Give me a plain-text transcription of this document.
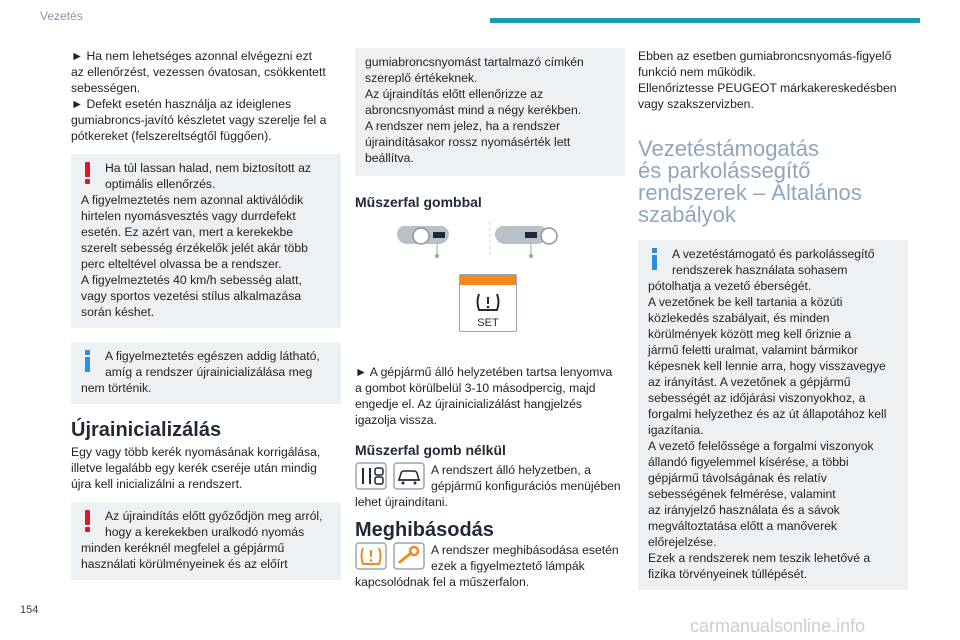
Vezetés
► Ha nem lehetséges azonnal elvégezni ezt
az ellenőrzést, vezessen óvatosan, csökkentett
sebességen.
► Defekt esetén használja az ideiglenes
gumiabroncs-javító készletet vagy szerelje fel a
pótkereket (felszereltségtől függően).
Ha túl lassan halad, nem biztosított az
optimális ellenőrzés.
A figyelmeztetés nem azonnal aktiválódik
hirtelen nyomásvesztés vagy durrdefekt
esetén. Ez azért van, mert a kerekekbe
szerelt sebesség érzékelők jelét akár több
perc elteltével olvassa be a rendszer.
A figyelmeztetés 40 km/h sebesség alatt,
vagy sportos vezetési stílus alkalmazása
során késhet.
A figyelmeztetés egészen addig látható,
amíg a rendszer újrainicializálása meg
nem történik.
Újrainicializálás
Egy vagy több kerék nyomásának korrigálása,
illetve legalább egy kerék cseréje után mindig
újra kell inicializálni a rendszert.
Az újraindítás előtt győződjön meg arról,
hogy a kerekekben uralkodó nyomás
minden keréknél megfelel a gépjármű
használati körülményeinek és az előírt
gumiabroncsnyomást tartalmazó címkén
szereplő értékeknek.
Az újraindítás előtt ellenőrizze az
abroncsnyomást mind a négy kerékben.
A rendszer nem jelez, ha a rendszer
újraindításakor rossz nyomásérték lett
beállítva.
Műszerfal gombbal
SET
► A gépjármű álló helyzetében tartsa lenyomva
a gombot körülbelül 3-10 másodpercig, majd
engedje el. Az újrainicializálást hangjelzés
igazolja vissza.
Műszerfal gomb nélkül
A rendszert álló helyzetben, a
gépjármű konfigurációs menüjében
lehet újraindítani.
Meghibásodás
A rendszer meghibásodása esetén
ezek a figyelmeztető lámpák
kapcsolódnak fel a műszerfalon.
Ebben az esetben gumiabroncsnyomás-figyelő
funkció nem működik.
Ellenőriztesse PEUGEOT márkakereskedésben
vagy szakszervizben.
Vezetéstámogatás
és parkolássegítő
rendszerek – Általános
szabályok
A vezetéstámogató és parkolássegítő
rendszerek használata sohasem
pótolhatja a vezető éberségét.
A vezetőnek be kell tartania a közúti
közlekedés szabályait, és minden
körülmények között meg kell őriznie a
jármű feletti uralmat, valamint bármikor
képesnek kell lennie arra, hogy visszavegye
az irányítást. A vezetőnek a gépjármű
sebességét az időjárási viszonyokhoz, a
forgalmi helyzethez és az út állapotához kell
igazítania.
A vezető felelőssége a forgalmi viszonyok
állandó figyelemmel kísérése, a többi
gépjármű távolságának és relatív
sebességének felmérése, valamint
az irányjelző használata és a sávok
megváltoztatása előtt a manőverek
előrejelzése.
Ezek a rendszerek nem teszik lehetővé a
fizika törvényeinek túllépését.
154
carmanualsonline.info
